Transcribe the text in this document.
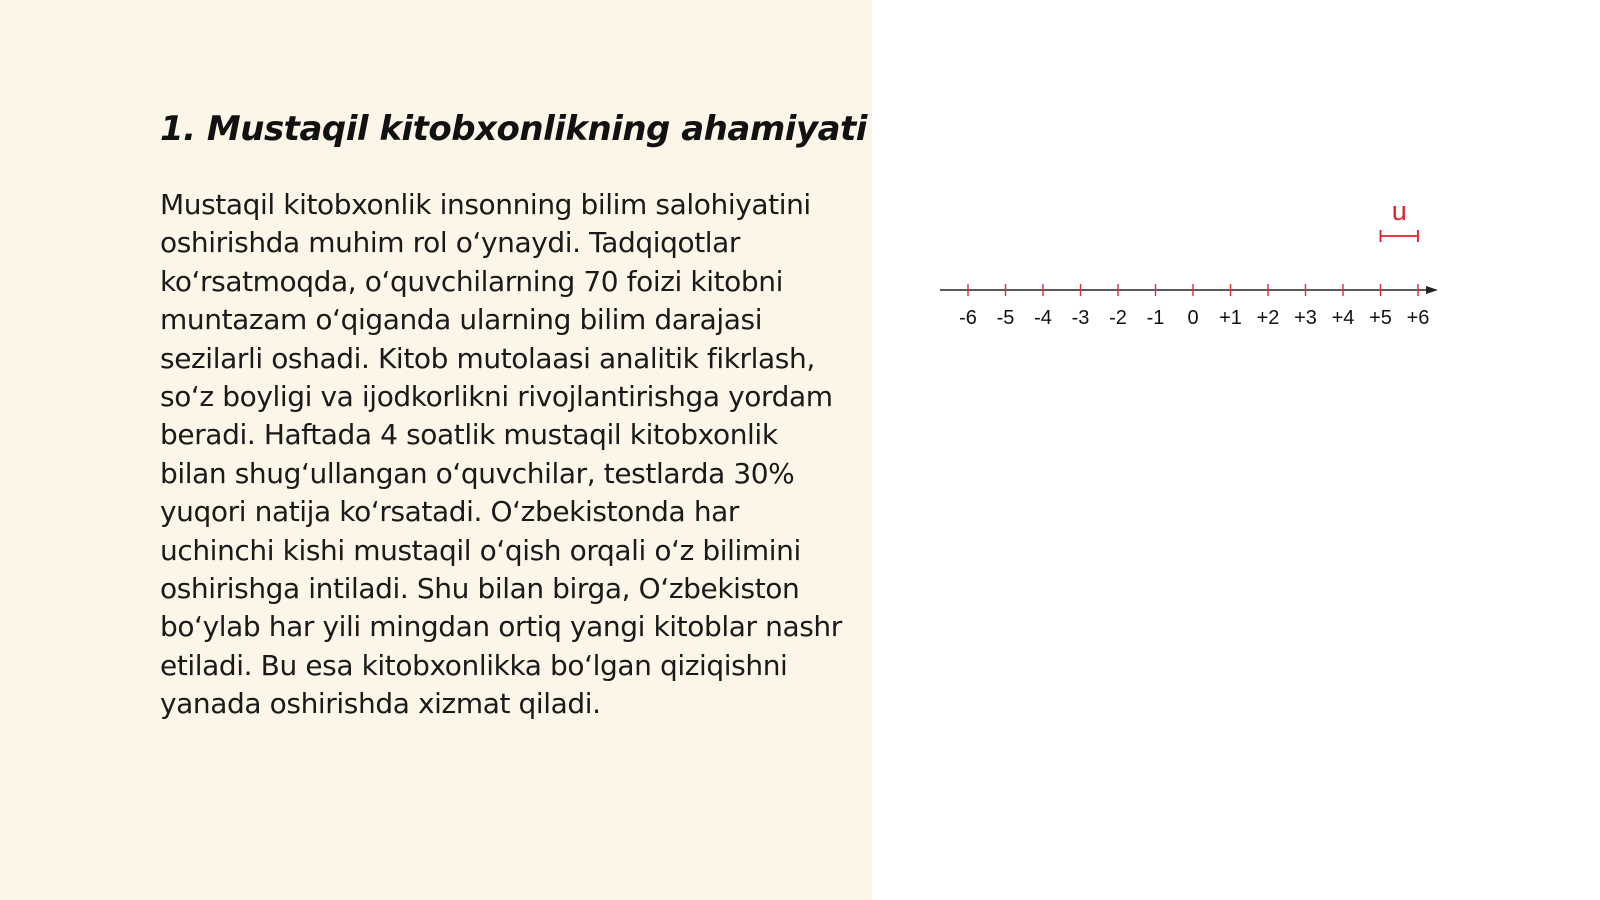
1. Mustaqil kitobxonlikning ahamiyati

Mustaqil kitobxonlik insonning bilim salohiyatini oshirishda muhim rol o‘ynaydi. Tadqiqotlar ko‘rsatmoqda, o‘quvchilarning 70 foizi kitobni muntazam o‘qiganda ularning bilim darajasi sezilarli oshadi. Kitob mutolaasi analitik fikrlash, so‘z boyligi va ijodkorlikni rivojlantirishga yordam beradi. Haftada 4 soatlik mustaqil kitobxonlik bilan shug‘ullangan o‘quvchilar, testlarda 30% yuqori natija ko‘rsatadi. O‘zbekistonda har uchinchi kishi mustaqil o‘qish orqali o‘z bilimini oshirishga intiladi. Shu bilan birga, O‘zbekiston bo‘ylab har yili mingdan ortiq yangi kitoblar nashr etiladi. Bu esa kitobxonlikka bo‘lgan qiziqishni yanada oshirishda xizmat qiladi.

-6 -5 -4 -3 -2 -1 0 +1 +2 +3 +4 +5 +6
u
